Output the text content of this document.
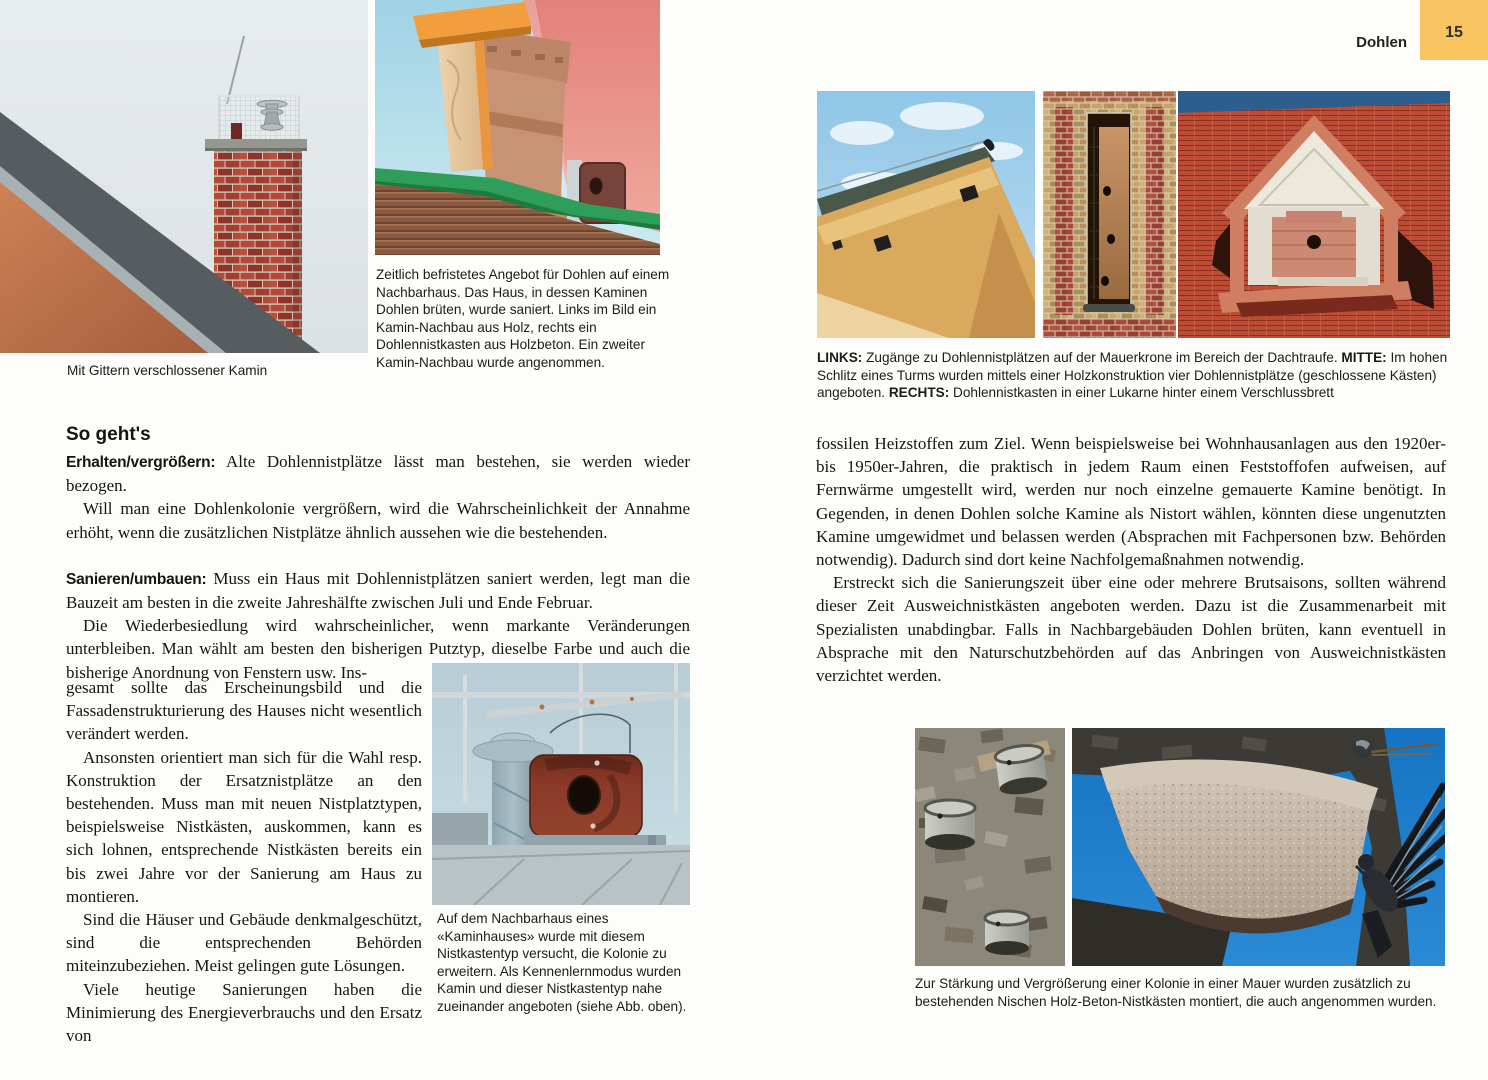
Dohlen
15
Mit Gittern verschlossener Kamin
Zeitlich befristetes Angebot für Dohlen auf einem Nachbarhaus. Das Haus, in dessen Kaminen Dohlen brüten, wurde saniert. Links im Bild ein Kamin-Nachbau aus Holz, rechts ein Dohlennistkasten aus Holzbeton. Ein zweiter Kamin-Nachbau wurde angenommen.
So geht's

Erhalten/vergrößern: Alte Dohlennistplätze lässt man bestehen, sie werden wieder bezogen.

Will man eine Dohlenkolonie vergrößern, wird die Wahrscheinlichkeit der Annahme erhöht, wenn die zusätzlichen Nistplätze ähnlich aussehen wie die bestehenden.

Sanieren/umbauen: Muss ein Haus mit Dohlennistplätzen saniert werden, legt man die Bauzeit am besten in die zweite Jahreshälfte zwischen Juli und Ende Februar.

Die Wiederbesiedlung wird wahrscheinlicher, wenn markante Veränderungen unterbleiben. Man wählt am besten den bisherigen Putztyp, dieselbe Farbe und auch die bisherige Anordnung von Fenstern usw. Ins-

gesamt sollte das Erscheinungsbild und die Fassadenstrukturierung des Hauses nicht wesentlich verändert werden.

Ansonsten orientiert man sich für die Wahl resp. Konstruktion der Ersatznistplätze an den bestehenden. Muss man mit neuen Nistplatztypen, beispielsweise Nistkästen, auskommen, kann es sich lohnen, entsprechende Nistkästen bereits ein bis zwei Jahre vor der Sanierung am Haus zu montieren.

Sind die Häuser und Gebäude denkmalgeschützt, sind die entsprechenden Behörden miteinzubeziehen. Meist gelingen gute Lösungen.

Viele heutige Sanierungen haben die Minimierung des Energieverbrauchs und den Ersatz von

Auf dem Nachbarhaus eines «Kaminhauses» wurde mit diesem Nistkastentyp versucht, die Kolonie zu erweitern. Als Kennenlernmodus wurden Kamin und dieser Nistkastentyp nahe zueinander angeboten (siehe Abb. oben).
LINKS: Zugänge zu Dohlennistplätzen auf der Mauerkrone im Bereich der Dachtraufe. MITTE: Im hohen Schlitz eines Turms wurden mittels einer Holzkonstruktion vier Dohlennistplätze (geschlossene Kästen) angeboten. RECHTS: Dohlennistkasten in einer Lukarne hinter einem Verschlussbrett

fossilen Heizstoffen zum Ziel. Wenn beispielsweise bei Wohnhausanlagen aus den 1920er- bis 1950er-Jahren, die praktisch in jedem Raum einen Feststoffofen aufweisen, auf Fernwärme umgestellt wird, werden nur noch einzelne gemauerte Kamine benötigt. In Gegenden, in denen Dohlen solche Kamine als Nistort wählen, könnten diese ungenutzten Kamine umgewidmet und belassen werden (Absprachen mit Fachpersonen bzw. Behörden notwendig). Dadurch sind dort keine Nachfolgemaßnahmen notwendig.

Erstreckt sich die Sanierungszeit über eine oder mehrere Brutsaisons, sollten während dieser Zeit Ausweichnistkästen angeboten werden. Dazu ist die Zusammenarbeit mit Spezialisten unabdingbar. Falls in Nachbargebäuden Dohlen brüten, kann eventuell in Absprache mit den Naturschutzbehörden auf das Anbringen von Ausweichnistkästen verzichtet werden.

Zur Stärkung und Vergrößerung einer Kolonie in einer Mauer wurden zusätzlich zu bestehenden Nischen Holz-Beton-Nistkästen montiert, die auch angenommen wurden.
